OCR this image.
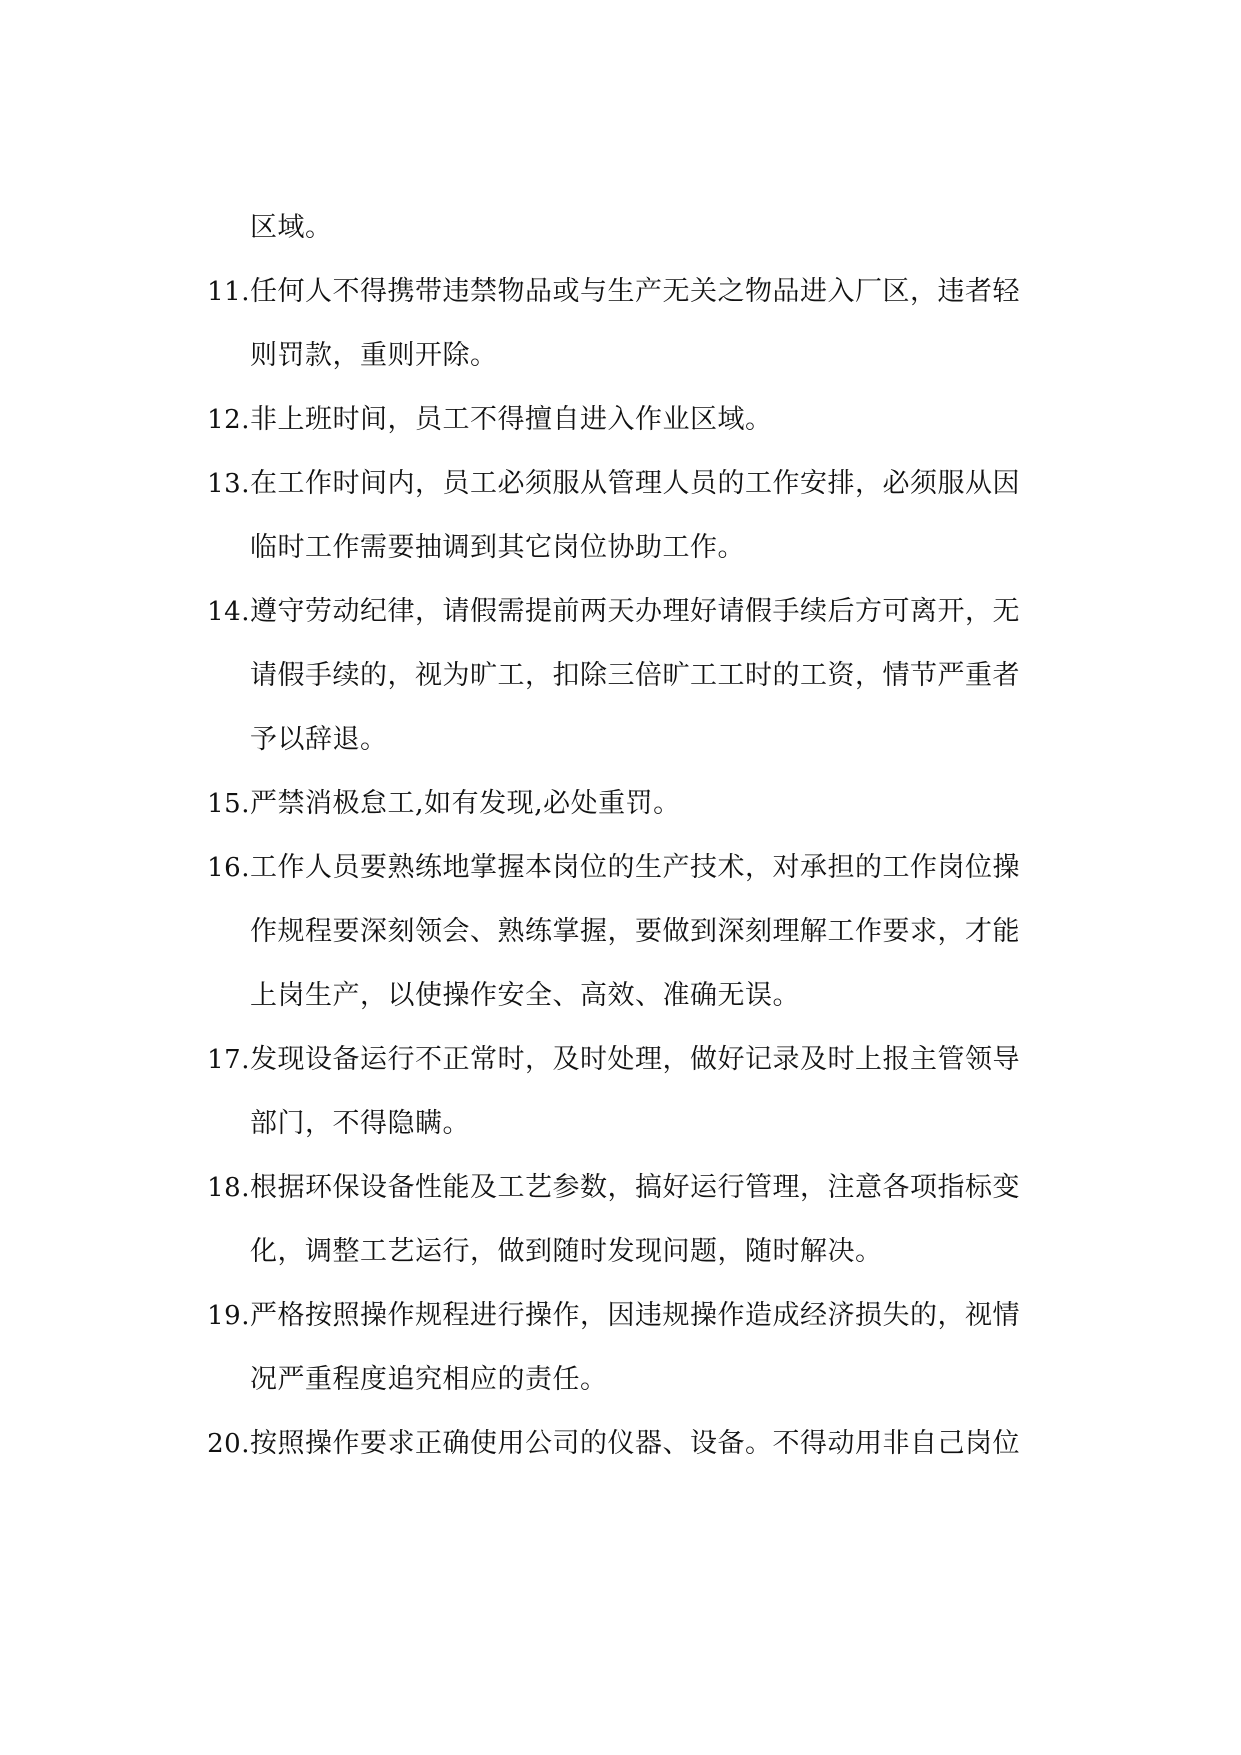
区域。
11.任何人不得携带违禁物品或与生产无关之物品进入厂区，违者轻
则罚款，重则开除。
12.非上班时间，员工不得擅自进入作业区域。
13.在工作时间内，员工必须服从管理人员的工作安排，必须服从因
临时工作需要抽调到其它岗位协助工作。
14.遵守劳动纪律，请假需提前两天办理好请假手续后方可离开，无
请假手续的，视为旷工，扣除三倍旷工工时的工资，情节严重者
予以辞退。
15.严禁消极怠工,如有发现,必处重罚。
16.工作人员要熟练地掌握本岗位的生产技术，对承担的工作岗位操
作规程要深刻领会、熟练掌握，要做到深刻理解工作要求，才能
上岗生产，以使操作安全、高效、准确无误。
17.发现设备运行不正常时，及时处理，做好记录及时上报主管领导
部门，不得隐瞒。
18.根据环保设备性能及工艺参数，搞好运行管理，注意各项指标变
化，调整工艺运行，做到随时发现问题，随时解决。
19.严格按照操作规程进行操作，因违规操作造成经济损失的，视情
况严重程度追究相应的责任。
20.按照操作要求正确使用公司的仪器、设备。不得动用非自己岗位
